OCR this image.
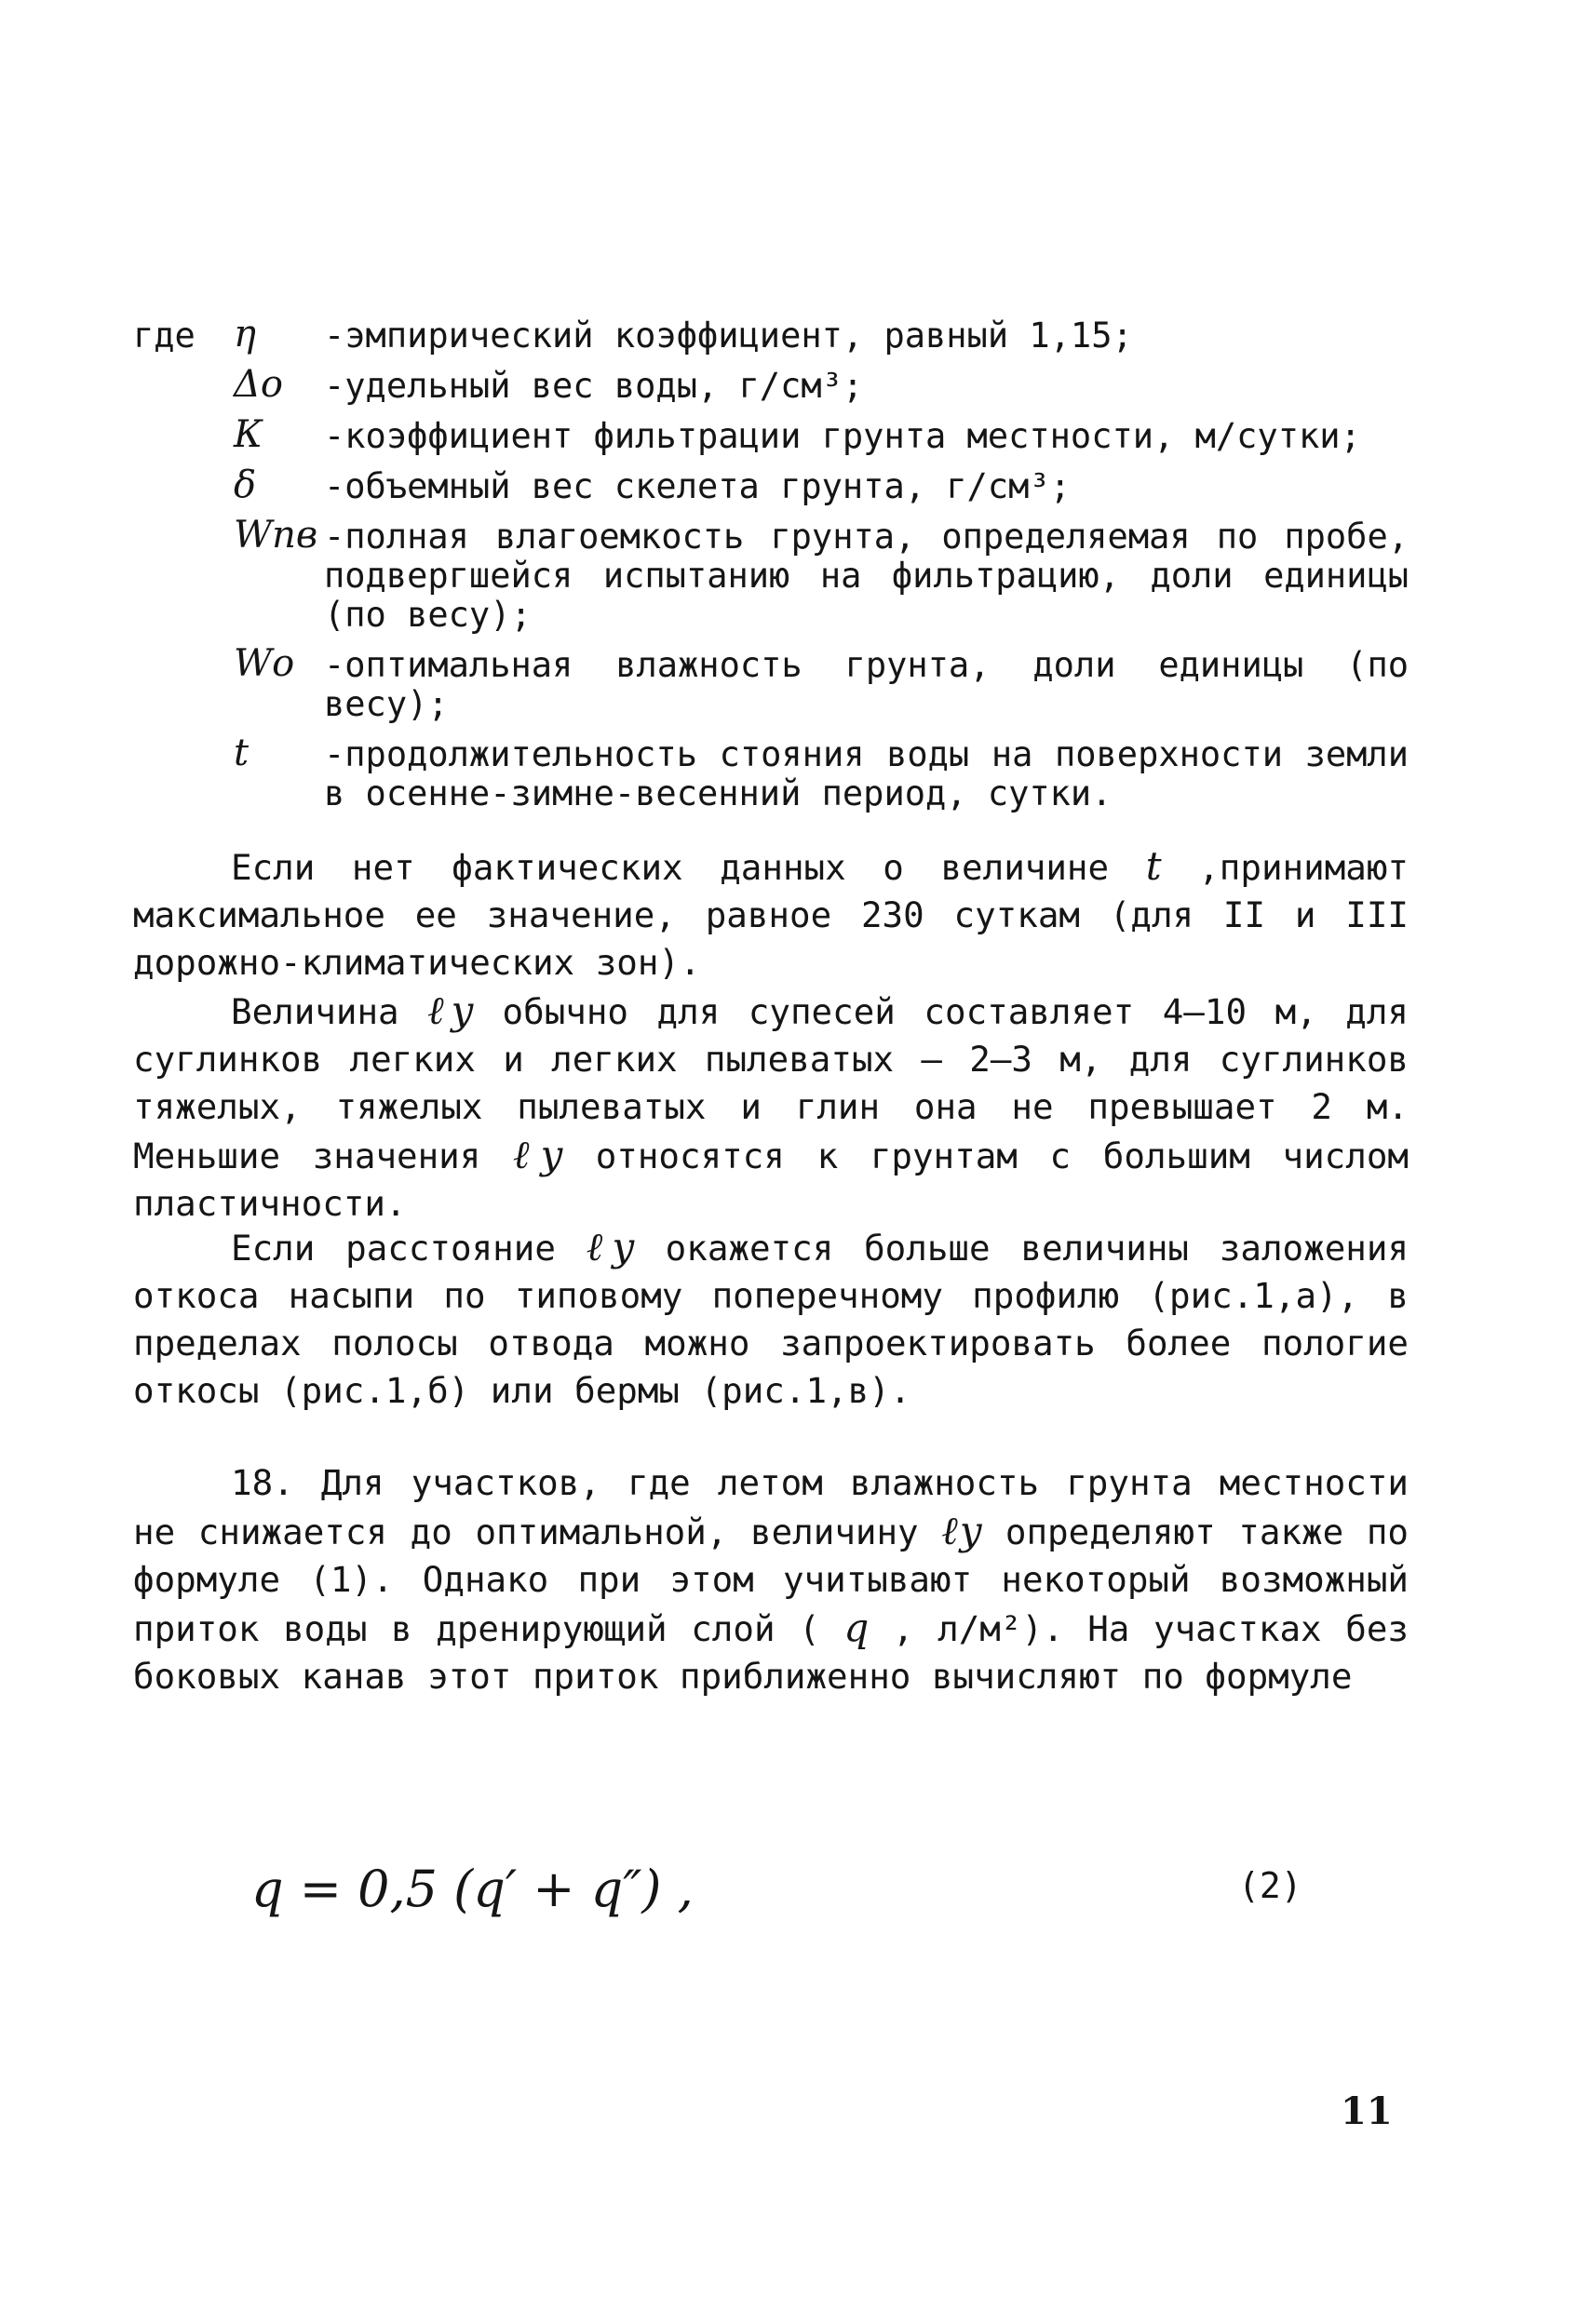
где	η	-эмпирический коэффициент, равный 1,15;
Δо	-удельный вес воды, г/см³;
К	-коэффициент фильтрации грунта местности, м/сутки;
δ	-объемный вес скелета грунта, г/см³;
Wпв -полная влагоемкость грунта, определяемая по пробе, подвергшейся испытанию на фильтрацию, доли единицы (по весу);
Wо -оптимальная влажность грунта, доли единицы (по весу);
t	-продолжительность стояния воды на поверхности земли в осенне-зимне-весенний период, сутки.

Если нет фактических данных о величине t ,принимают максимальное ее значение, равное 230 суткам (для II и III дорожно-климатических зон).

Величина ℓу обычно для супесей составляет 4–10 м, для суглинков легких и легких пылеватых – 2–3 м, для суглинков тяжелых, тяжелых пылеватых и глин она не превышает 2 м. Меньшие значения ℓу относятся к грунтам с большим числом пластичности.

Если расстояние ℓу окажется больше величины заложения откоса насыпи по типовому поперечному профилю (рис.1,а), в пределах полосы отвода можно запроектировать более пологие откосы (рис.1,б) или бермы (рис.1,в).

18. Для участков, где летом влажность грунта местности не снижается до оптимальной, величину ℓу определяют также по формуле (1). Однако при этом учитывают некоторый возможный приток воды в дренирующий слой ( q , л/м²). На участках без боковых канав этот приток приближенно вычисляют по формуле

q = 0,5 (q′ + q″) ,	(2)
11
